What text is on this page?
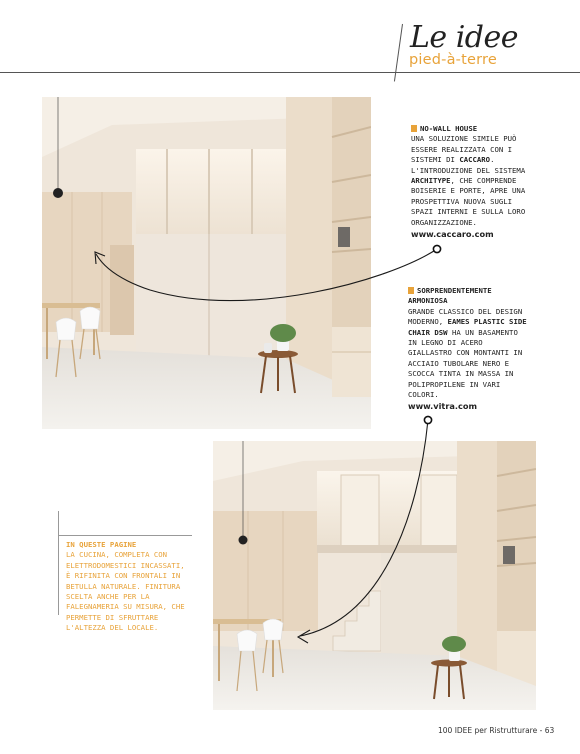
Le idee
pied-à-terre
NO-WALL HOUSE
UNA SOLUZIONE SIMILE PUÒ ESSERE REALIZZATA CON I SISTEMI DI CACCARO. L'INTRODUZIONE DEL SISTEMA ARCHITYPE, CHE COMPRENDE BOISERIE E PORTE, APRE UNA PROSPETTIVA NUOVA SUGLI SPAZI INTERNI E SULLA LORO ORGANIZZAZIONE.
www.caccaro.com
SORPRENDENTEMENTE ARMONIOSA
GRANDE CLASSICO DEL DESIGN MODERNO, EAMES PLASTIC SIDE CHAIR DSW HA UN BASAMENTO IN LEGNO DI ACERO GIALLASTRO CON MONTANTI IN ACCIAIO TUBOLARE NERO E SCOCCA TINTA IN MASSA IN POLIPROPILENE IN VARI COLORI.
www.vitra.com
IN QUESTE PAGINE
LA CUCINA, COMPLETA CON ELETTRODOMESTICI INCASSATI, È RIFINITA CON FRONTALI IN BETULLA NATURALE. FINITURA SCELTA ANCHE PER LA FALEGNAMERIA SU MISURA, CHE PERMETTE DI SFRUTTARE L'ALTEZZA DEL LOCALE.
100 IDEE per Ristrutturare - 63
